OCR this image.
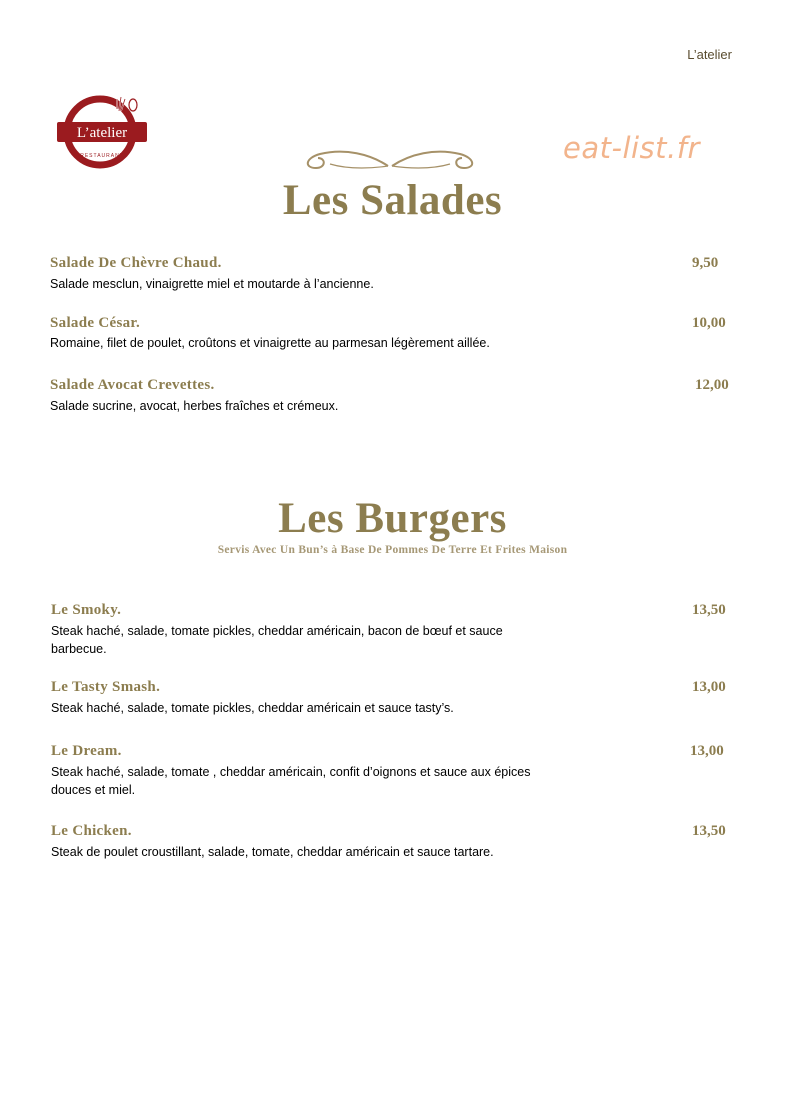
L’atelier
L’atelier
RESTAURANT	eat-list.fr
Les Salades
Salade De Chèvre Chaud.	9,50
Salade mesclun, vinaigrette miel et moutarde à l’ancienne.
Salade César.	10,00
Romaine, filet de poulet, croûtons et vinaigrette au parmesan légèrement aillée.
Salade Avocat Crevettes.	12,00
Salade sucrine, avocat, herbes fraîches et crémeux.
Les Burgers
Servis Avec Un Bun’s à Base De Pommes De Terre Et Frites Maison
Le Smoky.	13,50
Steak haché, salade, tomate pickles, cheddar américain, bacon de bœuf et sauce
barbecue.
Le Tasty Smash.	13,00
Steak haché, salade, tomate pickles, cheddar américain et sauce tasty’s.
Le Dream.	13,00
Steak haché, salade, tomate , cheddar américain, confit d’oignons et sauce aux épices
douces et miel.
Le Chicken.	13,50
Steak de poulet croustillant, salade, tomate, cheddar américain et sauce tartare.
